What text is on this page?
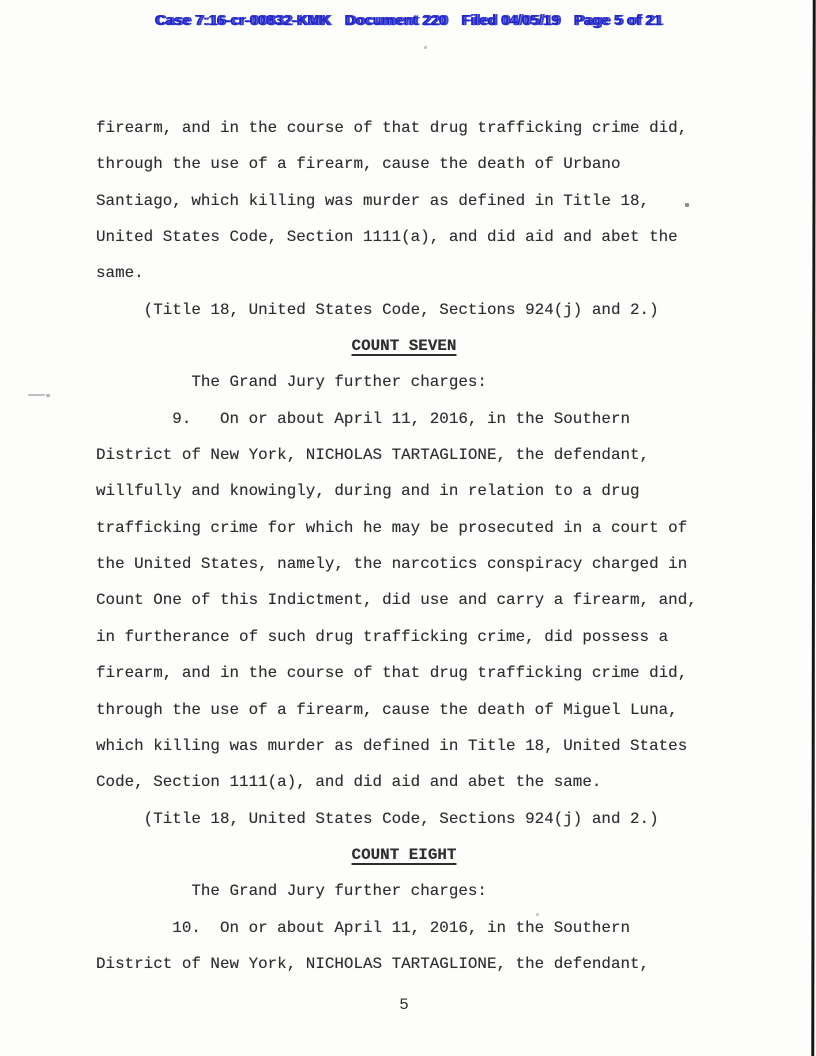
Case 7:16-cr-00832-KMK Document 220 Filed 04/05/19 Page 5 of 21
firearm, and in the course of that drug trafficking crime did,
through the use of a firearm, cause the death of Urbano
Santiago, which killing was murder as defined in Title 18,
United States Code, Section 1111(a), and did aid and abet the
same.
(Title 18, United States Code, Sections 924(j) and 2.)
COUNT SEVEN
The Grand Jury further charges:
9.   On or about April 11, 2016, in the Southern
District of New York, NICHOLAS TARTAGLIONE, the defendant,
willfully and knowingly, during and in relation to a drug
trafficking crime for which he may be prosecuted in a court of
the United States, namely, the narcotics conspiracy charged in
Count One of this Indictment, did use and carry a firearm, and,
in furtherance of such drug trafficking crime, did possess a
firearm, and in the course of that drug trafficking crime did,
through the use of a firearm, cause the death of Miguel Luna,
which killing was murder as defined in Title 18, United States
Code, Section 1111(a), and did aid and abet the same.
(Title 18, United States Code, Sections 924(j) and 2.)
COUNT EIGHT
The Grand Jury further charges:
10.  On or about April 11, 2016, in the Southern
District of New York, NICHOLAS TARTAGLIONE, the defendant,
5
